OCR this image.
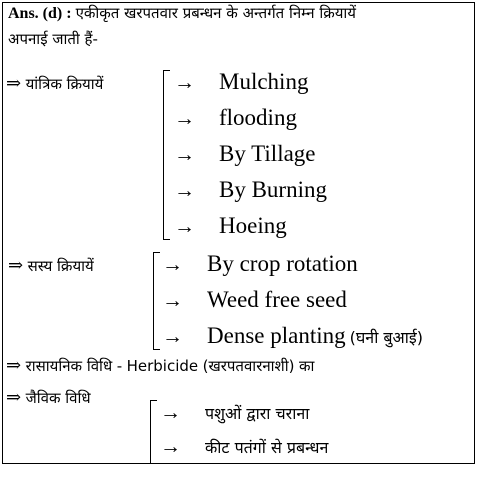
Ans. (d) : एकीकृत खरपतवार प्रबन्धन के अन्तर्गत निम्न क्रियायें
अपनाई जाती हैं-
⇒ यांत्रिक क्रियायें	→ Mulching
→ flooding
→ By Tillage
→ By Burning
→ Hoeing
⇒ सस्य क्रियायें	→ By crop rotation
→ Weed free seed
→ Dense planting (घनी बुआई)
⇒ रासायनिक विधि - Herbicide (खरपतवारनाशी) का
⇒ जैविक विधि
→ पशुओं द्वारा चराना
→ कीट पतंगों से प्रबन्धन
